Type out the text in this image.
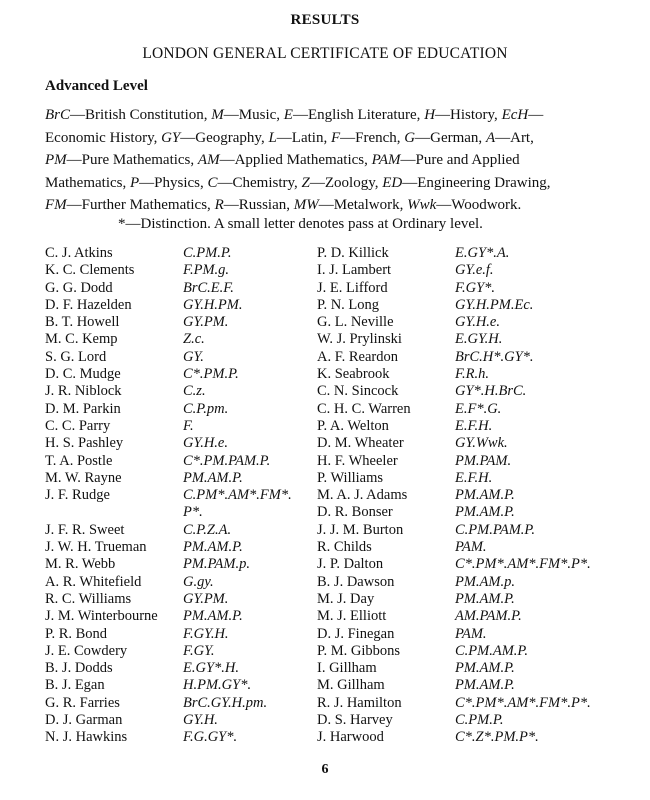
RESULTS
LONDON GENERAL CERTIFICATE OF EDUCATION
Advanced Level
BrC—British Constitution, M—Music, E—English Literature, H—History, EcH—
Economic History, GY—Geography, L—Latin, F—French, G—German, A—Art,
PM—Pure Mathematics, AM—Applied Mathematics, PAM—Pure and Applied
Mathematics, P—Physics, C—Chemistry, Z—Zoology, ED—Engineering Drawing,
FM—Further Mathematics, R—Russian, MW—Metalwork, Wwk—Woodwork.
*—Distinction. A small letter denotes pass at Ordinary level.
C. J. Atkins	C.PM.P.
K. C. Clements	F.PM.g.
G. G. Dodd	BrC.E.F.
D. F. Hazelden	GY.H.PM.
B. T. Howell	GY.PM.
M. C. Kemp	Z.c.
S. G. Lord	GY.
D. C. Mudge	C*.PM.P.
J. R. Niblock	C.z.
D. M. Parkin	C.P.pm.
C. C. Parry	F.
H. S. Pashley	GY.H.e.
T. A. Postle	C*.PM.PAM.P.
M. W. Rayne	PM.AM.P.
J. F. Rudge	C.PM*.AM*.FM*.
P*.
J. F. R. Sweet	C.P.Z.A.
J. W. H. Trueman	PM.AM.P.
M. R. Webb	PM.PAM.p.
A. R. Whitefield	G.gy.
R. C. Williams	GY.PM.
J. M. Winterbourne	PM.AM.P.
P. R. Bond	F.GY.H.
J. E. Cowdery	F.GY.
B. J. Dodds	E.GY*.H.
B. J. Egan	H.PM.GY*.
G. R. Farries	BrC.GY.H.pm.
D. J. Garman	GY.H.
N. J. Hawkins	F.G.GY*.
P. D. Killick	E.GY*.A.
I. J. Lambert	GY.e.f.
J. E. Lifford	F.GY*.
P. N. Long	GY.H.PM.Ec.
G. L. Neville	GY.H.e.
W. J. Prylinski	E.GY.H.
A. F. Reardon	BrC.H*.GY*.
K. Seabrook	F.R.h.
C. N. Sincock	GY*.H.BrC.
C. H. C. Warren	E.F*.G.
P. A. Welton	E.F.H.
D. M. Wheater	GY.Wwk.
H. F. Wheeler	PM.PAM.
P. Williams	E.F.H.
M. A. J. Adams	PM.AM.P.
D. R. Bonser	PM.AM.P.
J. J. M. Burton	C.PM.PAM.P.
R. Childs	PAM.
J. P. Dalton	C*.PM*.AM*.FM*.P*.
B. J. Dawson	PM.AM.p.
M. J. Day	PM.AM.P.
M. J. Elliott	AM.PAM.P.
D. J. Finegan	PAM.
P. M. Gibbons	C.PM.AM.P.
I. Gillham	PM.AM.P.
M. Gillham	PM.AM.P.
R. J. Hamilton	C*.PM*.AM*.FM*.P*.
D. S. Harvey	C.PM.P.
J. Harwood	C*.Z*.PM.P*.
6
